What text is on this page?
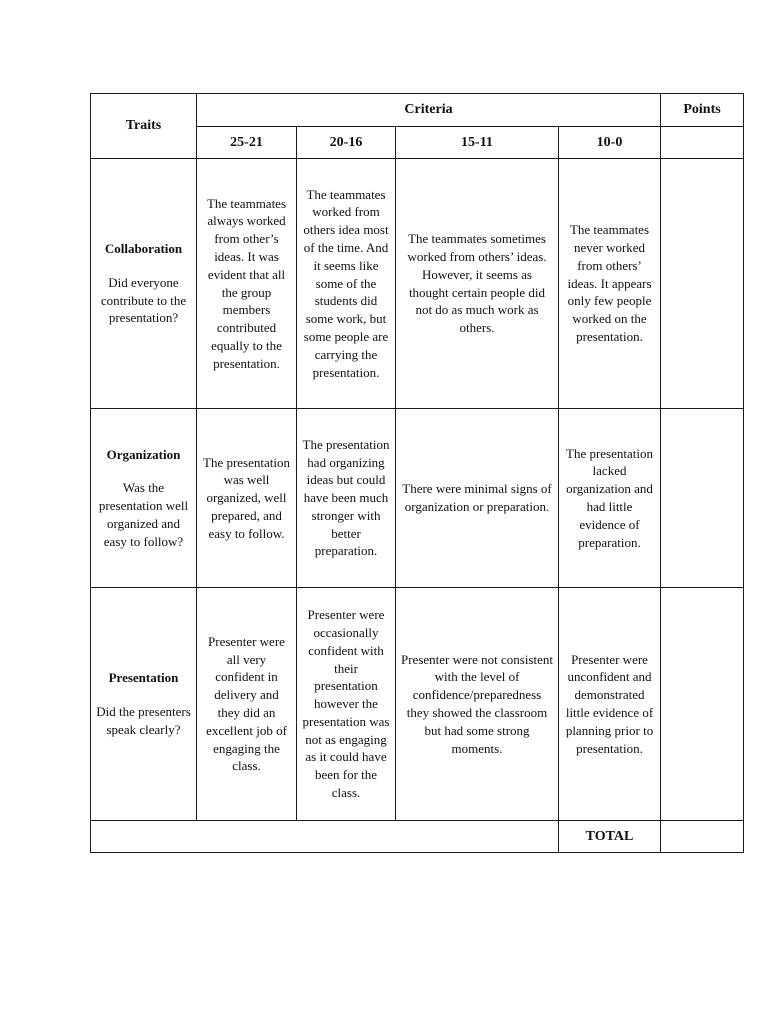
Traits	Criteria				Points
	25-21	20-16	15-11	10-0	

Collaboration
Did everyone contribute to the presentation?	The teammates always worked from other’s ideas. It was evident that all the group members contributed equally to the presentation.	The teammates worked from others idea most of the time. And it seems like some of the students did some work, but some people are carrying the presentation.	The teammates sometimes worked from others’ ideas. However, it seems as thought certain people did not do as much work as others.	The teammates never worked from others’ ideas. It appears only few people worked on the presentation.	

Organization
Was the presentation well organized and easy to follow?	The presentation was well organized, well prepared, and easy to follow.	The presentation had organizing ideas but could have been much stronger with better preparation.	There were minimal signs of organization or preparation.	The presentation lacked organization and had little evidence of preparation.	

Presentation
Did the presenters speak clearly?	Presenter were all very confident in delivery and they did an excellent job of engaging the class.	Presenter were occasionally confident with their presentation however the presentation was not as engaging as it could have been for the class.	Presenter were not consistent with the level of confidence/preparedness they showed the classroom but had some strong moments.	Presenter were unconfident and demonstrated little evidence of planning prior to presentation.	

				TOTAL	
